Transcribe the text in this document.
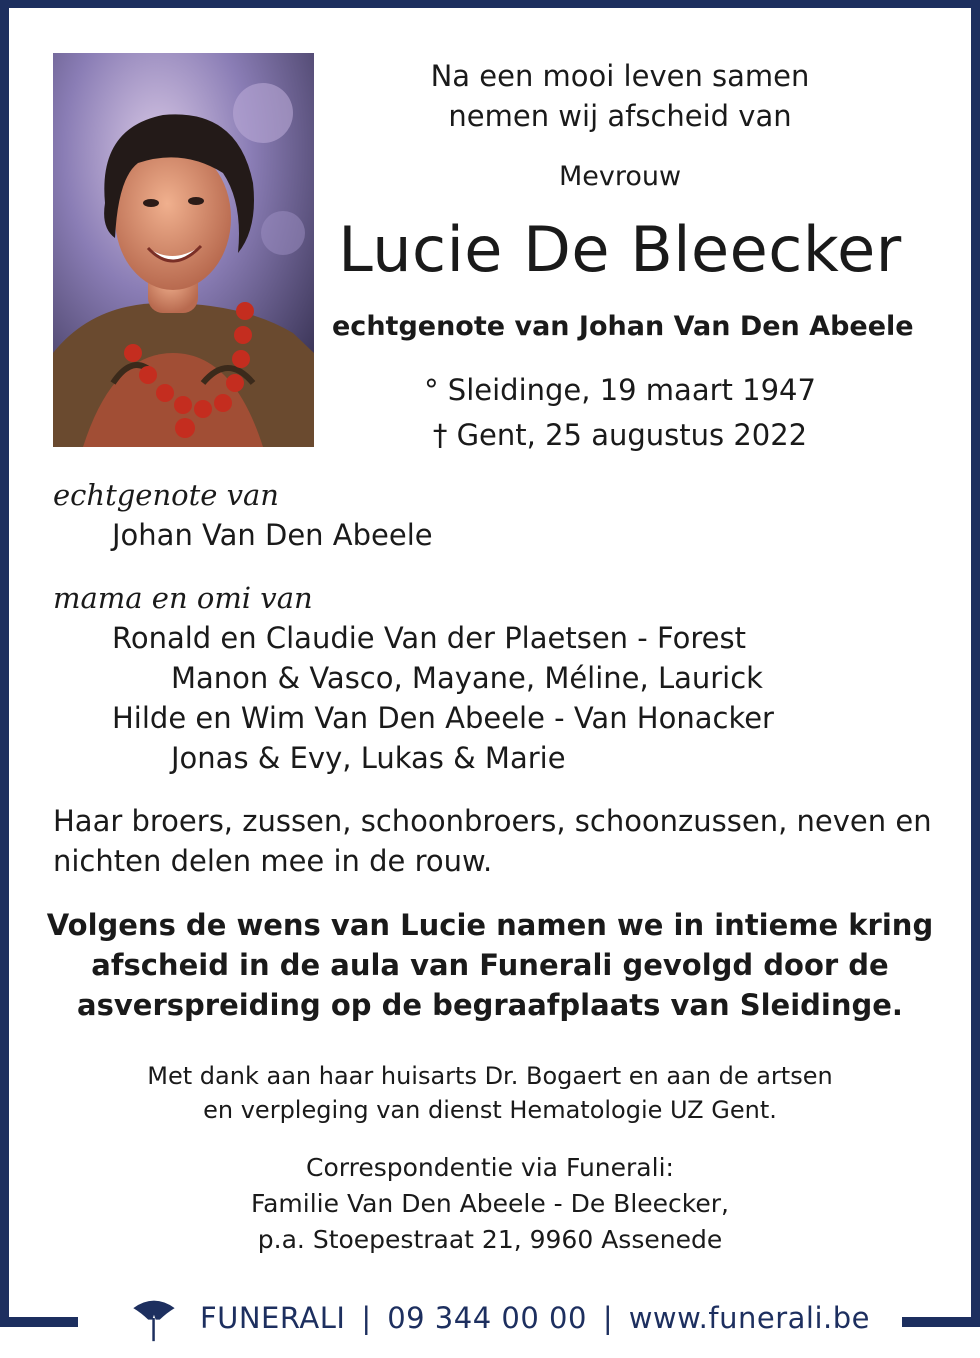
Na een mooi leven samen
nemen wij afscheid van
Mevrouw
Lucie De Bleecker
echtgenote van Johan Van Den Abeele
° Sleidinge, 19 maart 1947
† Gent, 25 augustus 2022
echtgenote van
Johan Van Den Abeele
mama en omi van
Ronald en Claudie Van der Plaetsen - Forest
Manon & Vasco, Mayane, Méline, Laurick
Hilde en Wim Van Den Abeele - Van Honacker
Jonas & Evy, Lukas & Marie
Haar broers, zussen, schoonbroers, schoonzussen, neven en
nichten delen mee in de rouw.
Volgens de wens van Lucie namen we in intieme kring
afscheid in de aula van Funerali gevolgd door de
asverspreiding op de begraafplaats van Sleidinge.
Met dank aan haar huisarts Dr. Bogaert en aan de artsen
en verpleging van dienst Hematologie UZ Gent.
Correspondentie via Funerali:
Familie Van Den Abeele - De Bleecker,
p.a. Stoepestraat 21, 9960 Assenede
FUNERALI | 09 344 00 00 | www.funerali.be
